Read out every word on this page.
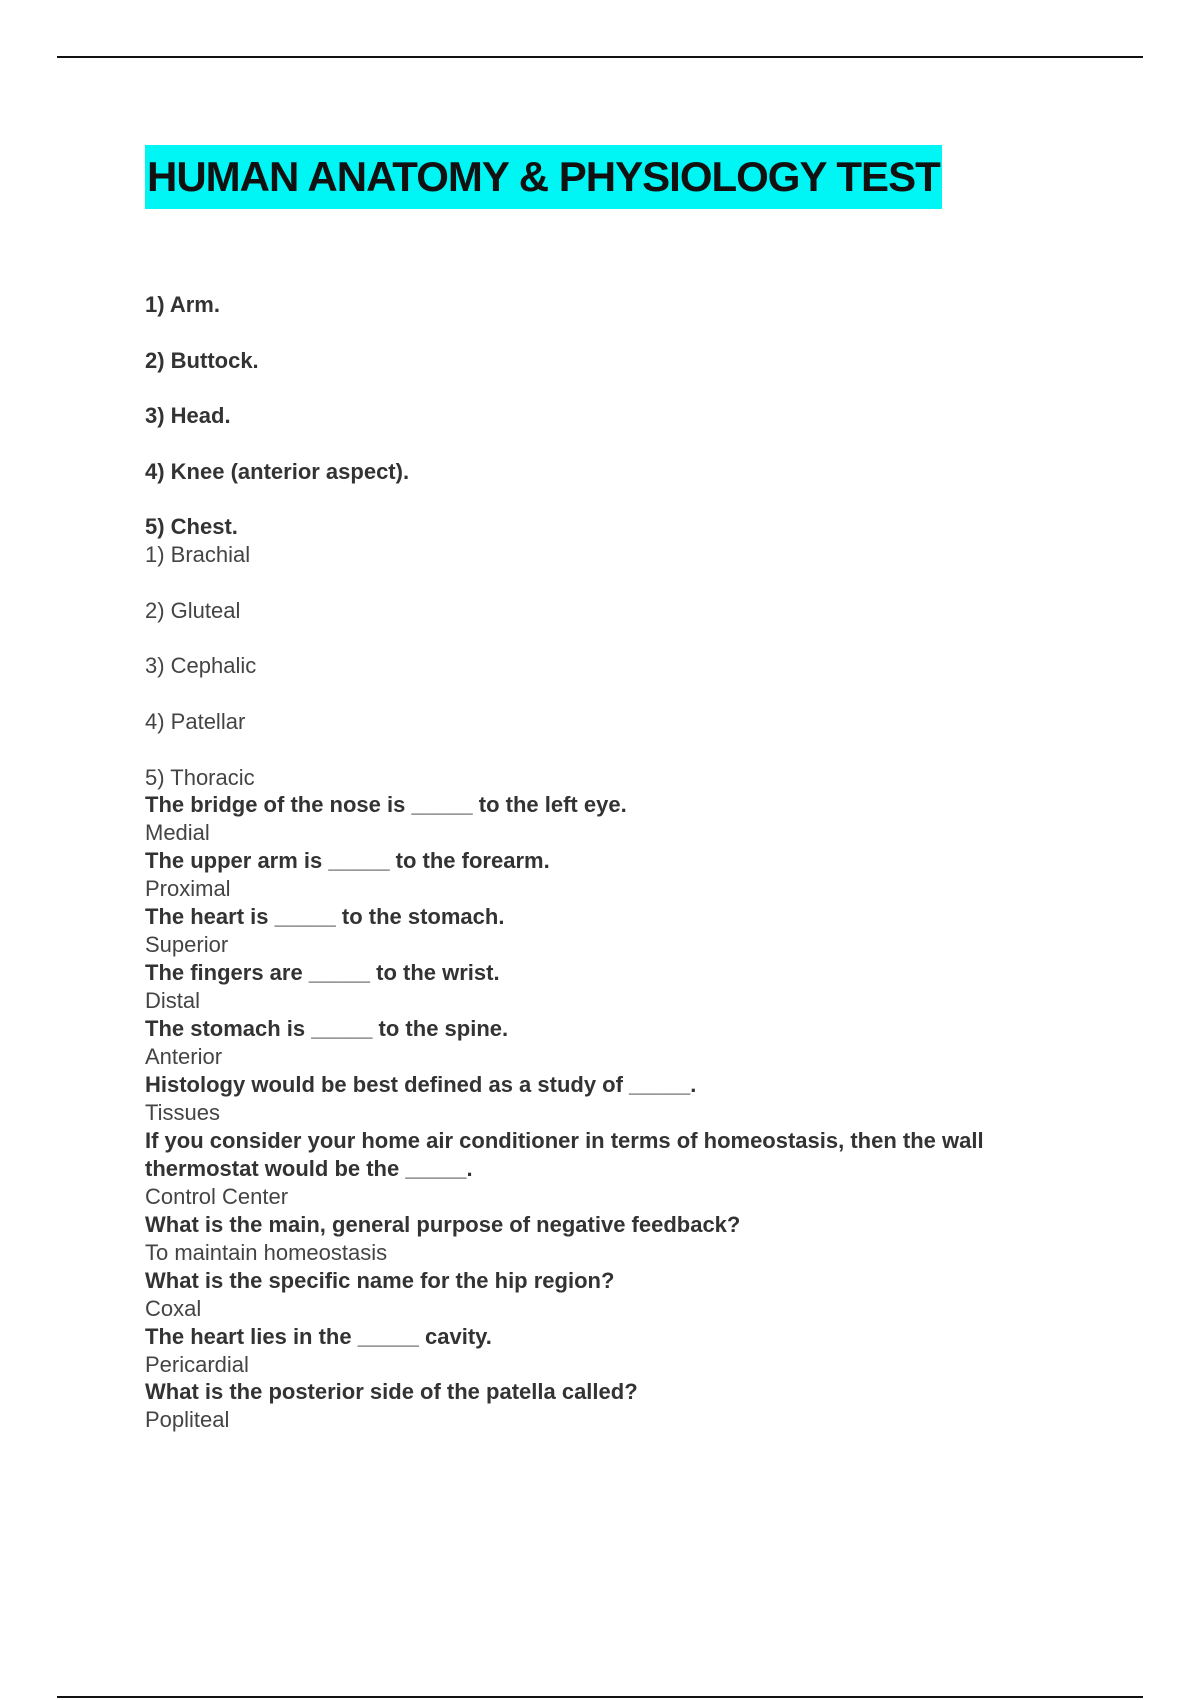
HUMAN ANATOMY & PHYSIOLOGY TEST
1) Arm.
2) Buttock.
3) Head.
4) Knee (anterior aspect).
5) Chest.
1) Brachial
2) Gluteal
3) Cephalic
4) Patellar
5) Thoracic
The bridge of the nose is _____ to the left eye.
Medial
The upper arm is _____ to the forearm.
Proximal
The heart is _____ to the stomach.
Superior
The fingers are _____ to the wrist.
Distal
The stomach is _____ to the spine.
Anterior
Histology would be best defined as a study of _____.
Tissues
If you consider your home air conditioner in terms of homeostasis, then the wall thermostat would be the _____.
Control Center
What is the main, general purpose of negative feedback?
To maintain homeostasis
What is the specific name for the hip region?
Coxal
The heart lies in the _____ cavity.
Pericardial
What is the posterior side of the patella called?
Popliteal
